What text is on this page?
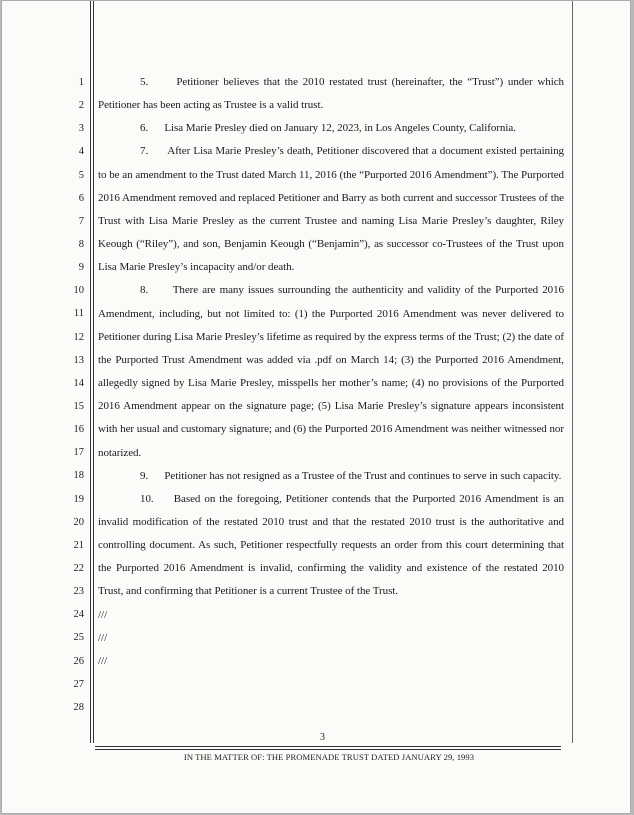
1
2
3
4
5
6
7
8
9
10
11
12
13
14
15
16
17
18
19
20
21
22
23
24
25
26
27
28

5.      Petitioner believes that the 2010 restated trust (hereinafter, the “Trust”) under which Petitioner has been acting as Trustee is a valid trust.

6.      Lisa Marie Presley died on January 12, 2023, in Los Angeles County, California.

7.      After Lisa Marie Presley’s death, Petitioner discovered that a document existed pertaining to be an amendment to the Trust dated March 11, 2016 (the “Purported 2016 Amendment”). The Purported 2016 Amendment removed and replaced Petitioner and Barry as both current and successor Trustees of the Trust with Lisa Marie Presley as the current Trustee and naming Lisa Marie Presley’s daughter, Riley Keough (“Riley”), and son, Benjamin Keough (“Benjamin”), as successor co-Trustees of the Trust upon Lisa Marie Presley’s incapacity and/or death.

8.      There are many issues surrounding the authenticity and validity of the Purported 2016 Amendment, including, but not limited to: (1) the Purported 2016 Amendment was never delivered to Petitioner during Lisa Marie Presley’s lifetime as required by the express terms of the Trust; (2) the date of the Purported Trust Amendment was added via .pdf on March 14; (3) the Purported 2016 Amendment, allegedly signed by Lisa Marie Presley, misspells her mother’s name; (4) no provisions of the Purported 2016 Amendment appear on the signature page; (5) Lisa Marie Presley’s signature appears inconsistent with her usual and customary signature; and (6) the Purported 2016 Amendment was neither witnessed nor notarized.

9.      Petitioner has not resigned as a Trustee of the Trust and continues to serve in such capacity.

10.     Based on the foregoing, Petitioner contends that the Purported 2016 Amendment is an invalid modification of the restated 2010 trust and that the restated 2010 trust is the authoritative and controlling document. As such, Petitioner respectfully requests an order from this court determining that the Purported 2016 Amendment is invalid, confirming the validity and existence of the restated 2010 Trust, and confirming that Petitioner is a current Trustee of the Trust.

///

///

///

3
IN THE MATTER OF: THE PROMENADE TRUST DATED JANUARY 29, 1993
